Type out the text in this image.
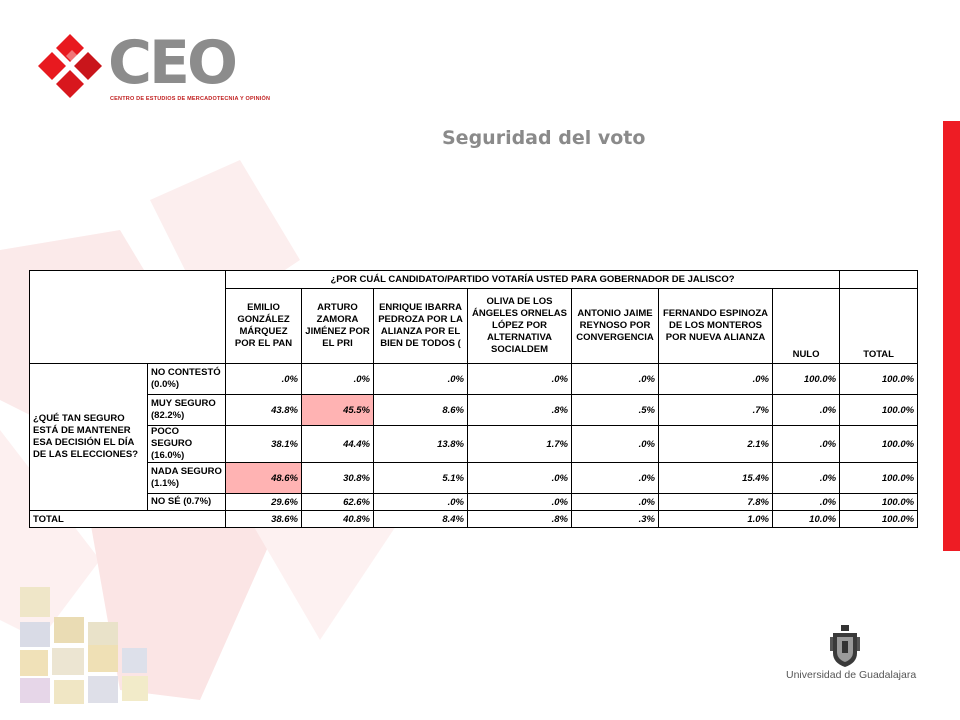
CEO
CENTRO DE ESTUDIOS DE MERCADOTECNIA Y OPINIÓN
Seguridad del voto
		¿POR CUÁL CANDIDATO/PARTIDO VOTARÍA USTED PARA GOBERNADOR DE JALISCO?							
		EMILIO GONZÁLEZ MÁRQUEZ POR EL PAN	ARTURO ZAMORA JIMÉNEZ POR EL PRI	ENRIQUE IBARRA PEDROZA POR LA ALIANZA POR EL BIEN DE TODOS (	OLIVA DE LOS ÁNGELES ORNELAS LÓPEZ POR ALTERNATIVA SOCIALDEM	ANTONIO JAIME REYNOSO POR CONVERGENCIA	FERNANDO ESPINOZA DE LOS MONTEROS POR NUEVA ALIANZA	NULO	TOTAL
¿QUÉ TAN SEGURO ESTÁ DE MANTENER ESA DECISIÓN EL DÍA DE LAS ELECCIONES?	NO CONTESTÓ (0.0%)	.0%	.0%	.0%	.0%	.0%	.0%	100.0%	100.0%
	MUY SEGURO (82.2%)	43.8%	45.5%	8.6%	.8%	.5%	.7%	.0%	100.0%
	POCO SEGURO (16.0%)	38.1%	44.4%	13.8%	1.7%	.0%	2.1%	.0%	100.0%
	NADA SEGURO (1.1%)	48.6%	30.8%	5.1%	.0%	.0%	15.4%	.0%	100.0%
	NO SÉ (0.7%)	29.6%	62.6%	.0%	.0%	.0%	7.8%	.0%	100.0%
TOTAL		38.6%	40.8%	8.4%	.8%	.3%	1.0%	10.0%	100.0%
Universidad de Guadalajara
